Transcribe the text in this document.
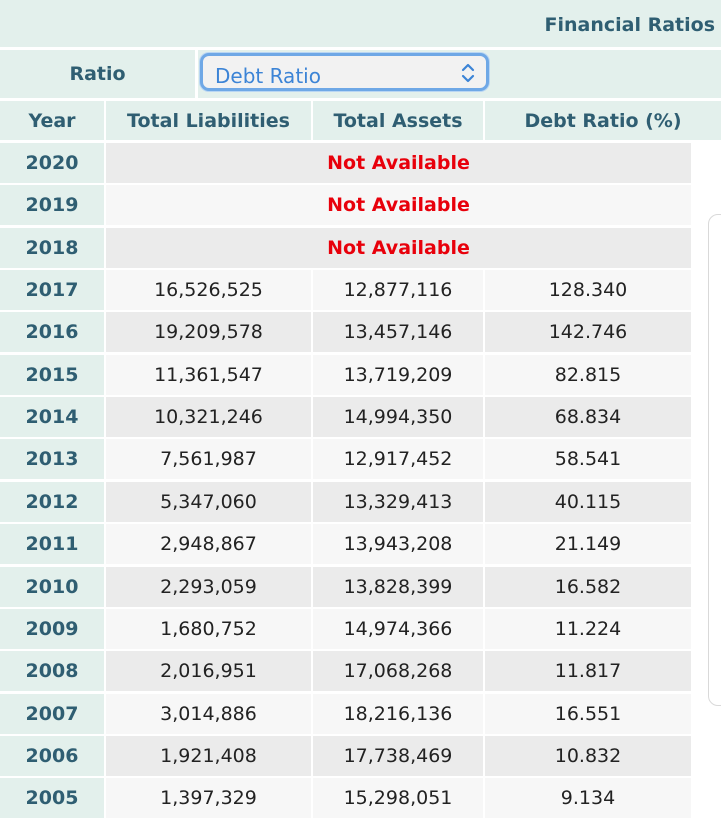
Financial Ratios
Ratio	Debt Ratio
Year	Total Liabilities	Total Assets	Debt Ratio (%)
2020	Not Available
2019	Not Available
2018	Not Available
2017	16,526,525	12,877,116	128.340
2016	19,209,578	13,457,146	142.746
2015	11,361,547	13,719,209	82.815
2014	10,321,246	14,994,350	68.834
2013	7,561,987	12,917,452	58.541
2012	5,347,060	13,329,413	40.115
2011	2,948,867	13,943,208	21.149
2010	2,293,059	13,828,399	16.582
2009	1,680,752	14,974,366	11.224
2008	2,016,951	17,068,268	11.817
2007	3,014,886	18,216,136	16.551
2006	1,921,408	17,738,469	10.832
2005	1,397,329	15,298,051	9.134
